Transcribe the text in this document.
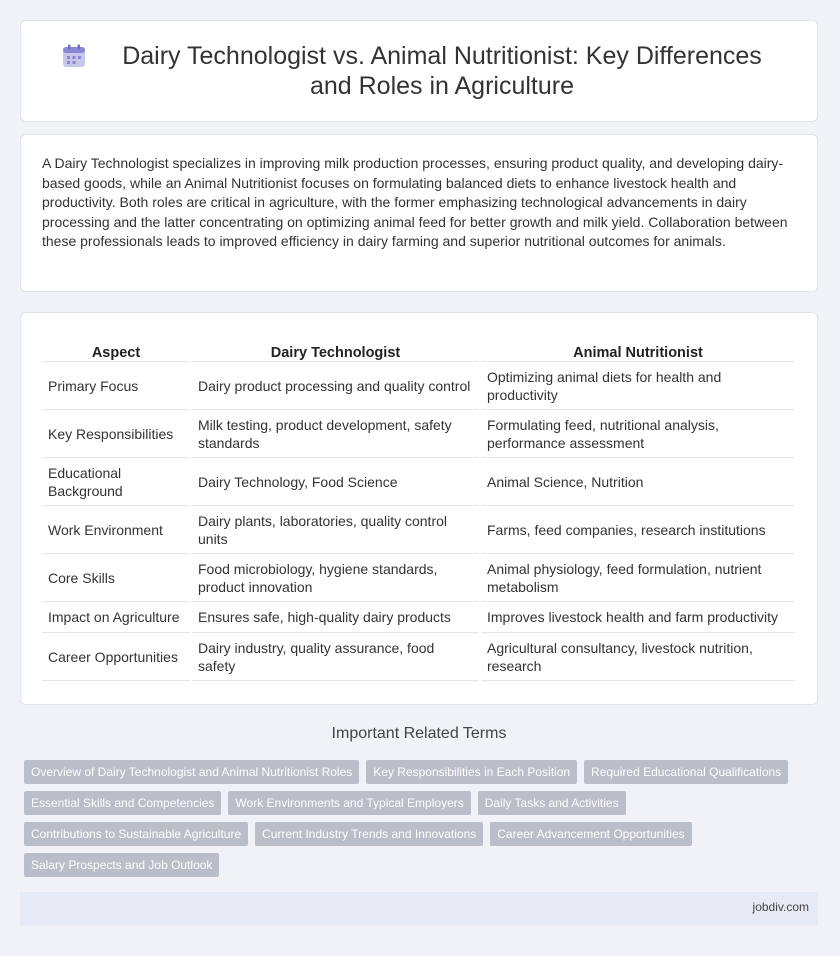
Dairy Technologist vs. Animal Nutritionist: Key Differences and Roles in Agriculture

A Dairy Technologist specializes in improving milk production processes, ensuring product quality, and developing dairy-based goods, while an Animal Nutritionist focuses on formulating balanced diets to enhance livestock health and productivity. Both roles are critical in agriculture, with the former emphasizing technological advancements in dairy processing and the latter concentrating on optimizing animal feed for better growth and milk yield. Collaboration between these professionals leads to improved efficiency in dairy farming and superior nutritional outcomes for animals.

Aspect	Dairy Technologist	Animal Nutritionist
Primary Focus	Dairy product processing and quality control	Optimizing animal diets for health and productivity
Key Responsibilities	Milk testing, product development, safety standards	Formulating feed, nutritional analysis, performance assessment
Educational Background	Dairy Technology, Food Science	Animal Science, Nutrition
Work Environment	Dairy plants, laboratories, quality control units	Farms, feed companies, research institutions
Core Skills	Food microbiology, hygiene standards, product innovation	Animal physiology, feed formulation, nutrient metabolism
Impact on Agriculture	Ensures safe, high-quality dairy products	Improves livestock health and farm productivity
Career Opportunities	Dairy industry, quality assurance, food safety	Agricultural consultancy, livestock nutrition, research
Important Related Terms
Overview of Dairy Technologist and Animal Nutritionist Roles	Key Responsibilities in Each Position	Required Educational Qualifications
Essential Skills and Competencies	Work Environments and Typical Employers	Daily Tasks and Activities
Contributions to Sustainable Agriculture	Current Industry Trends and Innovations	Career Advancement Opportunities
Salary Prospects and Job Outlook
jobdiv.com
